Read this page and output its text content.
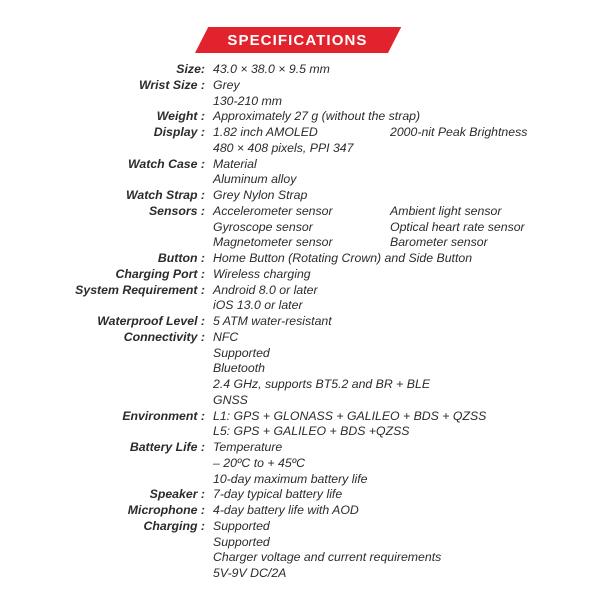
SPECIFICATIONS
Size: 43.0 × 38.0 × 9.5 mm
Wrist Size : Grey
130-210 mm
Weight : Approximately 27 g (without the strap)
Display : 1.82 inch AMOLED	2000-nit Peak Brightness
480 × 408 pixels, PPI 347
Watch Case : Material
Aluminum alloy
Watch Strap : Grey Nylon Strap
Sensors : Accelerometer sensor	Ambient light sensor
Gyroscope sensor	Optical heart rate sensor
Magnetometer sensor	Barometer sensor
Button : Home Button (Rotating Crown) and Side Button
Charging Port : Wireless charging
System Requirement : Android 8.0 or later
iOS 13.0 or later
Waterproof Level : 5 ATM water-resistant
Connectivity : NFC
Supported
Bluetooth
2.4 GHz, supports BT5.2 and BR + BLE
GNSS
Environment : L1: GPS + GLONASS + GALILEO + BDS + QZSS
L5: GPS + GALILEO + BDS +QZSS
Battery Life : Temperature
– 20ºC to + 45ºC
10-day maximum battery life
Speaker : 7-day typical battery life
Microphone : 4-day battery life with AOD
Charging : Supported
Supported
Charger voltage and current requirements
5V-9V DC/2A
